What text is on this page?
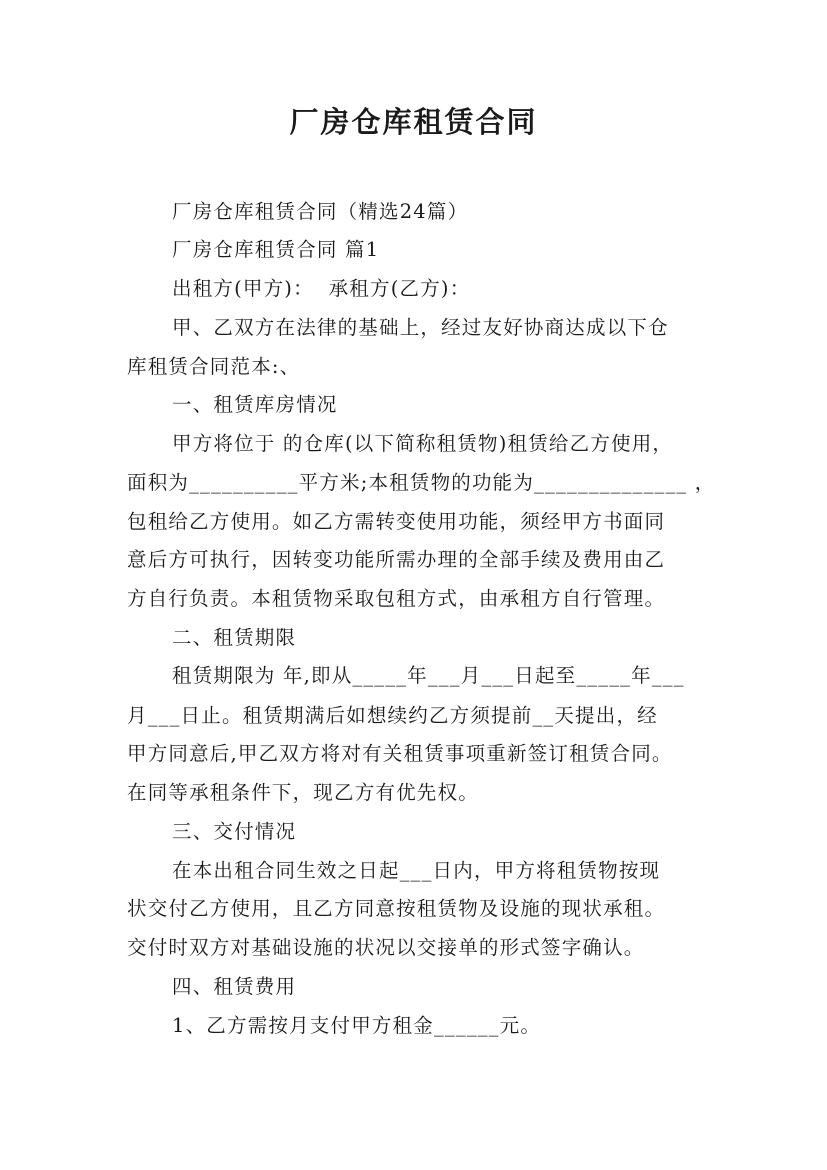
厂房仓库租赁合同
厂房仓库租赁合同（精选24篇）
厂房仓库租赁合同 篇1
出租方(甲方)：  承租方(乙方)：
甲、乙双方在法律的基础上，经过友好协商达成以下仓
库租赁合同范本:、
一、租赁库房情况
甲方将位于 的仓库(以下简称租赁物)租赁给乙方使用，
面积为__________平方米;本租赁物的功能为______________ ，
包租给乙方使用。如乙方需转变使用功能，须经甲方书面同
意后方可执行，因转变功能所需办理的全部手续及费用由乙
方自行负责。本租赁物采取包租方式，由承租方自行管理。
二、租赁期限
租赁期限为 年,即从_____年___月___日起至_____年___
月___日止。租赁期满后如想续约乙方须提前__天提出，经
甲方同意后,甲乙双方将对有关租赁事项重新签订租赁合同。
在同等承租条件下，现乙方有优先权。
三、交付情况
在本出租合同生效之日起___日内，甲方将租赁物按现
状交付乙方使用，且乙方同意按租赁物及设施的现状承租。
交付时双方对基础设施的状况以交接单的形式签字确认。
四、租赁费用
1、乙方需按月支付甲方租金______元。
